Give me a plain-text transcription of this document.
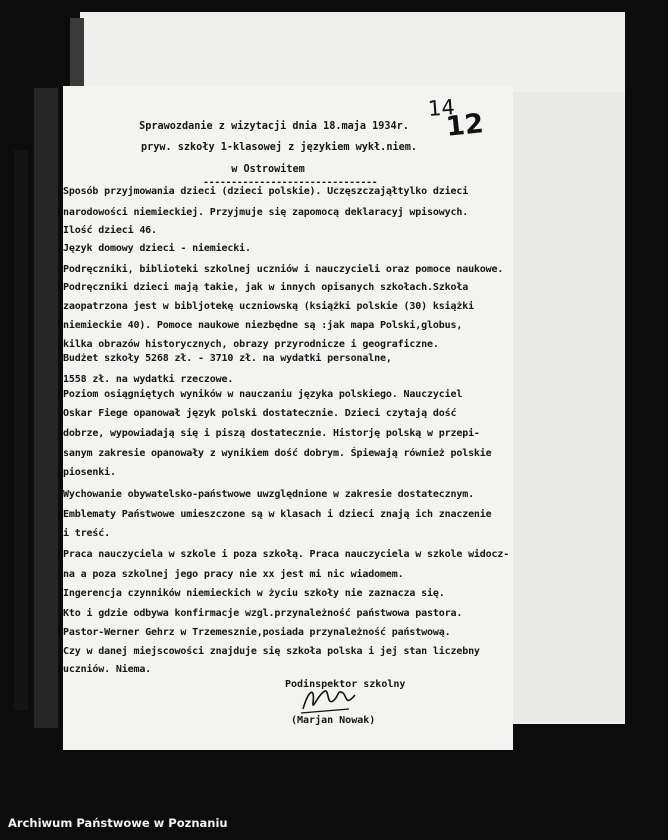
14
12
Sprawozdanie z wizytacji dnia 18.maja 1934r.
pryw. szkoły 1-klasowej z językiem wykł.niem.
w Ostrowitem
-------------------------------
Sposób przyjmowania dzieci (dzieci polskie). Uczęszczająłtylko dzieci
narodowości niemieckiej. Przyjmuje się zapomocą deklaracyj wpisowych.
Ilość dzieci 46.
Język domowy dzieci - niemiecki.
Podręczniki, biblioteki szkolnej uczniów i nauczycieli oraz pomoce naukowe.
Podręczniki dzieci mają takie, jak w innych opisanych szkołach.Szkoła
zaopatrzona jest w bibljotekę uczniowską (książki polskie (30) książki
niemieckie 40). Pomoce naukowe niezbędne są :jak mapa Polski,globus,
kilka obrazów historycznych, obrazy przyrodnicze i geograficzne.
Budżet szkoły 5268 zł. - 3710 zł. na wydatki personalne,
1558 zł. na wydatki rzeczowe.
Poziom osiągniętych wyników w nauczaniu języka polskiego. Nauczyciel
Oskar Fiege opanował język polski dostatecznie. Dzieci czytają dość
dobrze, wypowiadają się i piszą dostatecznie. Historję polską w przepi-
sanym zakresie opanowały z wynikiem dość dobrym. Śpiewają również polskie
piosenki.
Wychowanie obywatelsko-państwowe uwzględnione w zakresie dostatecznym.
Emblematy Państwowe umieszczone są w klasach i dzieci znają ich znaczenie
i treść.
Praca nauczyciela w szkole i poza szkołą. Praca nauczyciela w szkole widocz-
na a poza szkolnej jego pracy nie xx jest mi nic wiadomem.
Ingerencja czynników niemieckich w życiu szkoły nie zaznacza się.
Kto i gdzie odbywa konfirmacje wzgl.przynależność państwowa pastora.
Pastor-Werner Gehrz w Trzemesznie,posiada przynależność państwową.
Czy w danej miejscowości znajduje się szkoła polska i jej stan liczebny
uczniów. Niema.
Podinspektor szkolny
(Marjan Nowak)
Archiwum Państwowe w Poznaniu
